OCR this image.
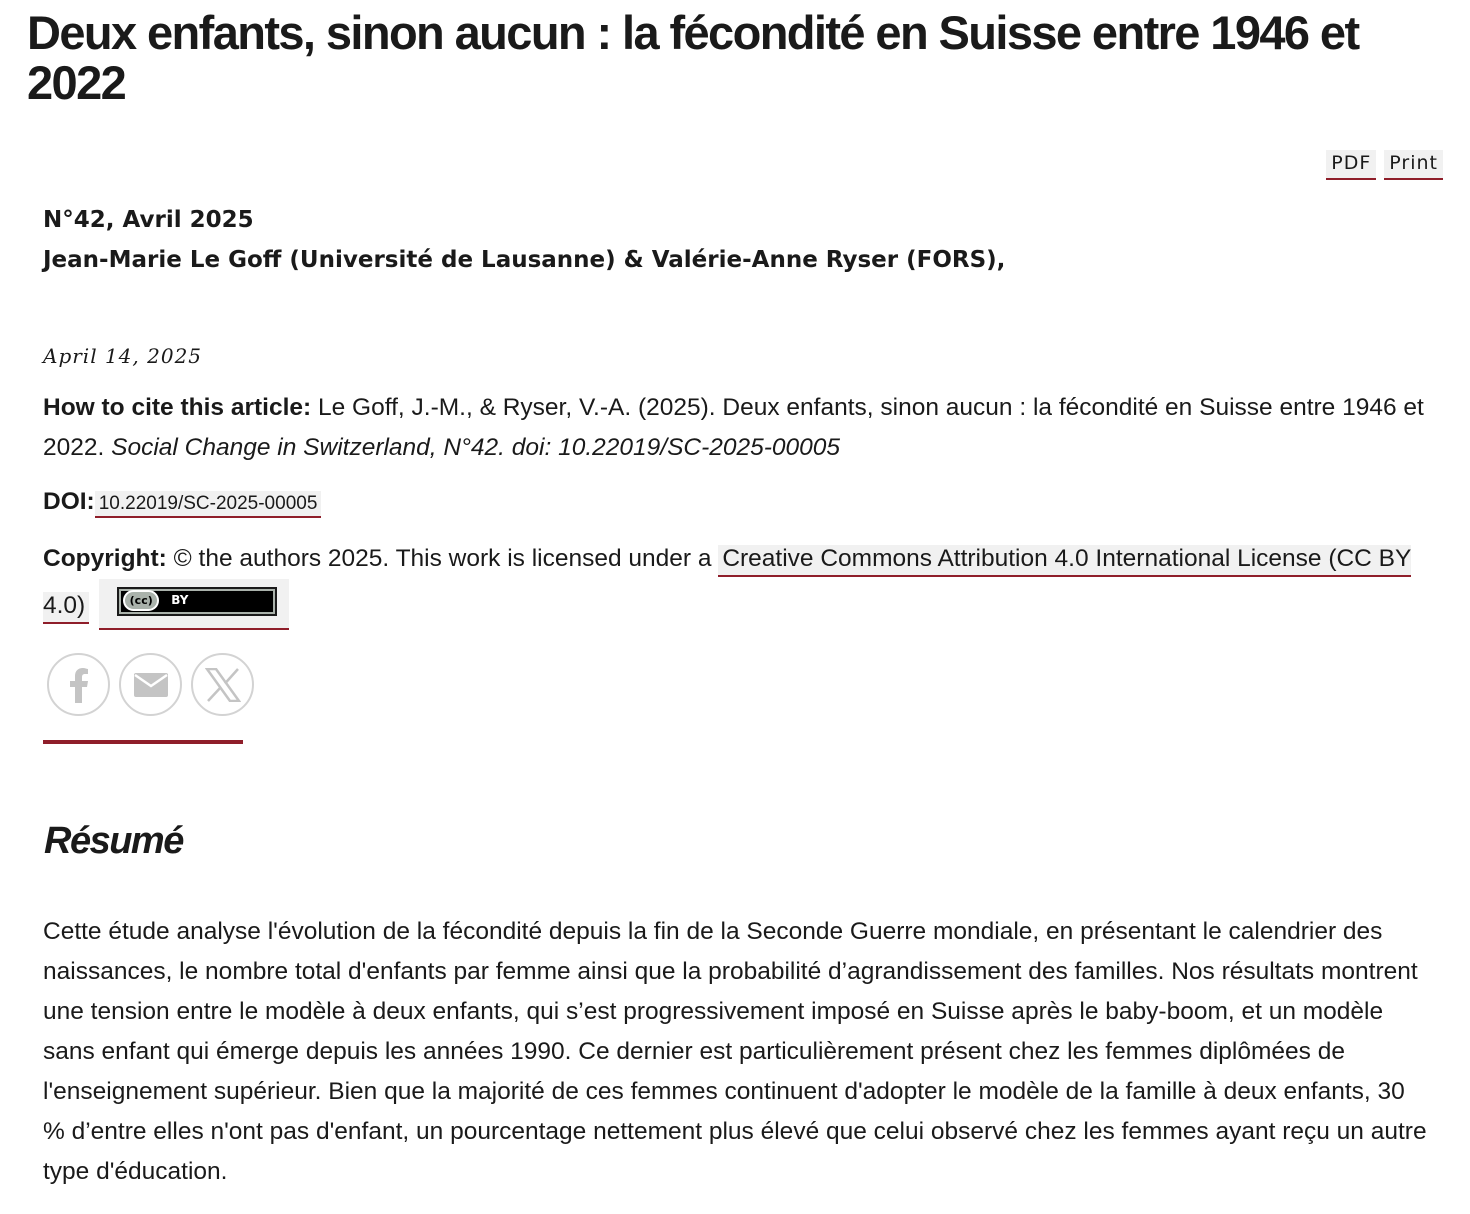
Deux enfants, sinon aucun : la fécondité en Suisse entre 1946 et 2022
PDF Print
N°42, Avril 2025
Jean-Marie Le Goff (Université de Lausanne) & Valérie-Anne Ryser (FORS),
April 14, 2025

How to cite this article: Le Goff, J.-M., & Ryser, V.-A. (2025). Deux enfants, sinon aucun : la fécondité en Suisse entre 1946 et 2022. Social Change in Switzerland, N°42. doi: 10.22019/SC-2025-00005

DOI: 10.22019/SC-2025-00005

Copyright: © the authors 2025. This work is licensed under a Creative Commons Attribution 4.0 International License (CC BY 4.0)	(cc)	BY

Résumé

Cette étude analyse l'évolution de la fécondité depuis la fin de la Seconde Guerre mondiale, en présentant le calendrier des naissances, le nombre total d'enfants par femme ainsi que la probabilité d’agrandissement des familles. Nos résultats montrent une tension entre le modèle à deux enfants, qui s’est progressivement imposé en Suisse après le baby-boom, et un modèle sans enfant qui émerge depuis les années 1990. Ce dernier est particulièrement présent chez les femmes diplômées de l'enseignement supérieur. Bien que la majorité de ces femmes continuent d'adopter le modèle de la famille à deux enfants, 30 % d’entre elles n'ont pas d'enfant, un pourcentage nettement plus élevé que celui observé chez les femmes ayant reçu un autre type d'éducation.
